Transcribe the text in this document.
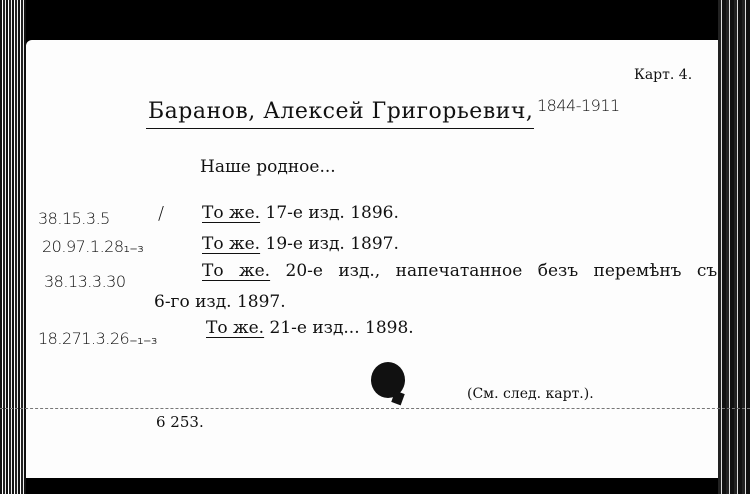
Карт. 4.
Баранов, Алексей Григорьевич, 1844-1911
Наше родное...
38.15.3.5	/ То же. 17-е изд. 1896.
20.97.1.28₁₋₃	То же. 19-е изд. 1897.
38.13.3.30
То же. 20-е изд., напечатанное безъ перемѣнъ съ
6-го изд. 1897.
18.271.3.26₋₁₋₃
То же. 21-е изд... 1898.
(См. след. карт.).
6 253.
